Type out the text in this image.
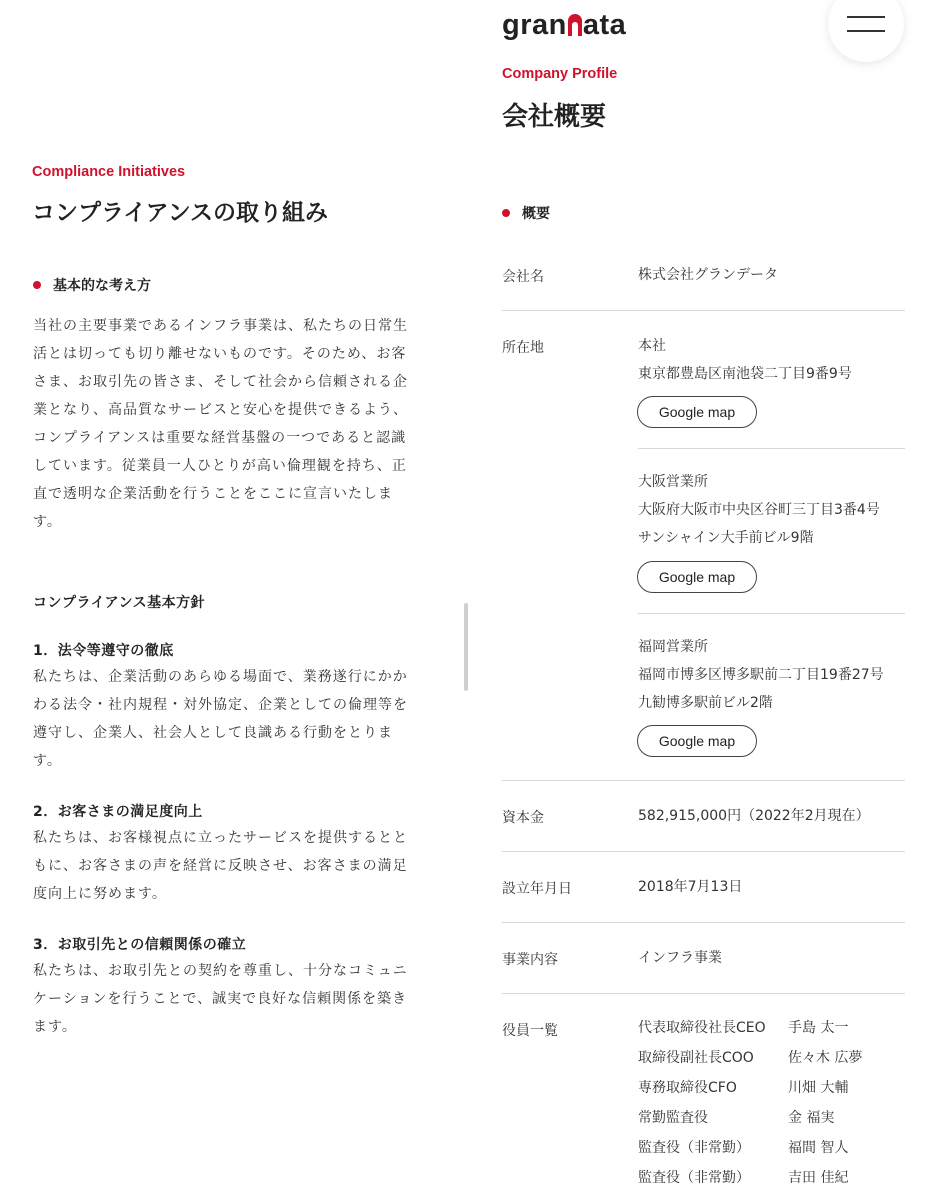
gran ata
Compliance Initiatives
コンプライアンスの取り組み
基本的な考え方
当社の主要事業であるインフラ事業は、私たちの日常生
活とは切っても切り離せないものです。そのため、お客
さま、お取引先の皆さま、そして社会から信頼される企
業となり、高品質なサービスと安心を提供できるよう、
コンプライアンスは重要な経営基盤の一つであると認識
しています。従業員一人ひとりが高い倫理観を持ち、正
直で透明な企業活動を行うことをここに宣言いたしま
す。
コンプライアンス基本方針
1．法令等遵守の徹底
私たちは、企業活動のあらゆる場面で、業務遂行にかか
わる法令・社内規程・対外協定、企業としての倫理等を
遵守し、企業人、社会人として良識ある行動をとりま
す。
2．お客さまの満足度向上
私たちは、お客様視点に立ったサービスを提供するとと
もに、お客さまの声を経営に反映させ、お客さまの満足
度向上に努めます。
3．お取引先との信頼関係の確立
私たちは、お取引先との契約を尊重し、十分なコミュニ
ケーションを行うことで、誠実で良好な信頼関係を築き
ます。
Company Profile
会社概要
概要
会社名	株式会社グランデータ
所在地	本社
東京都豊島区南池袋二丁目9番9号
Google map
大阪営業所
大阪府大阪市中央区谷町三丁目3番4号
サンシャイン大手前ビル9階
Google map
福岡営業所
福岡市博多区博多駅前二丁目19番27号
九勧博多駅前ビル2階
Google map
資本金	582,915,000円（2022年2月現在）
設立年月日	2018年7月13日
事業内容	インフラ事業
役員一覧	代表取締役社長CEO 手島 太一
取締役副社長COO 佐々木 広夢
専務取締役CFO	川畑 大輔
常勤監査役	金 福実
監査役（非常勤）	福間 智人
監査役（非常勤）	吉田 佳紀
